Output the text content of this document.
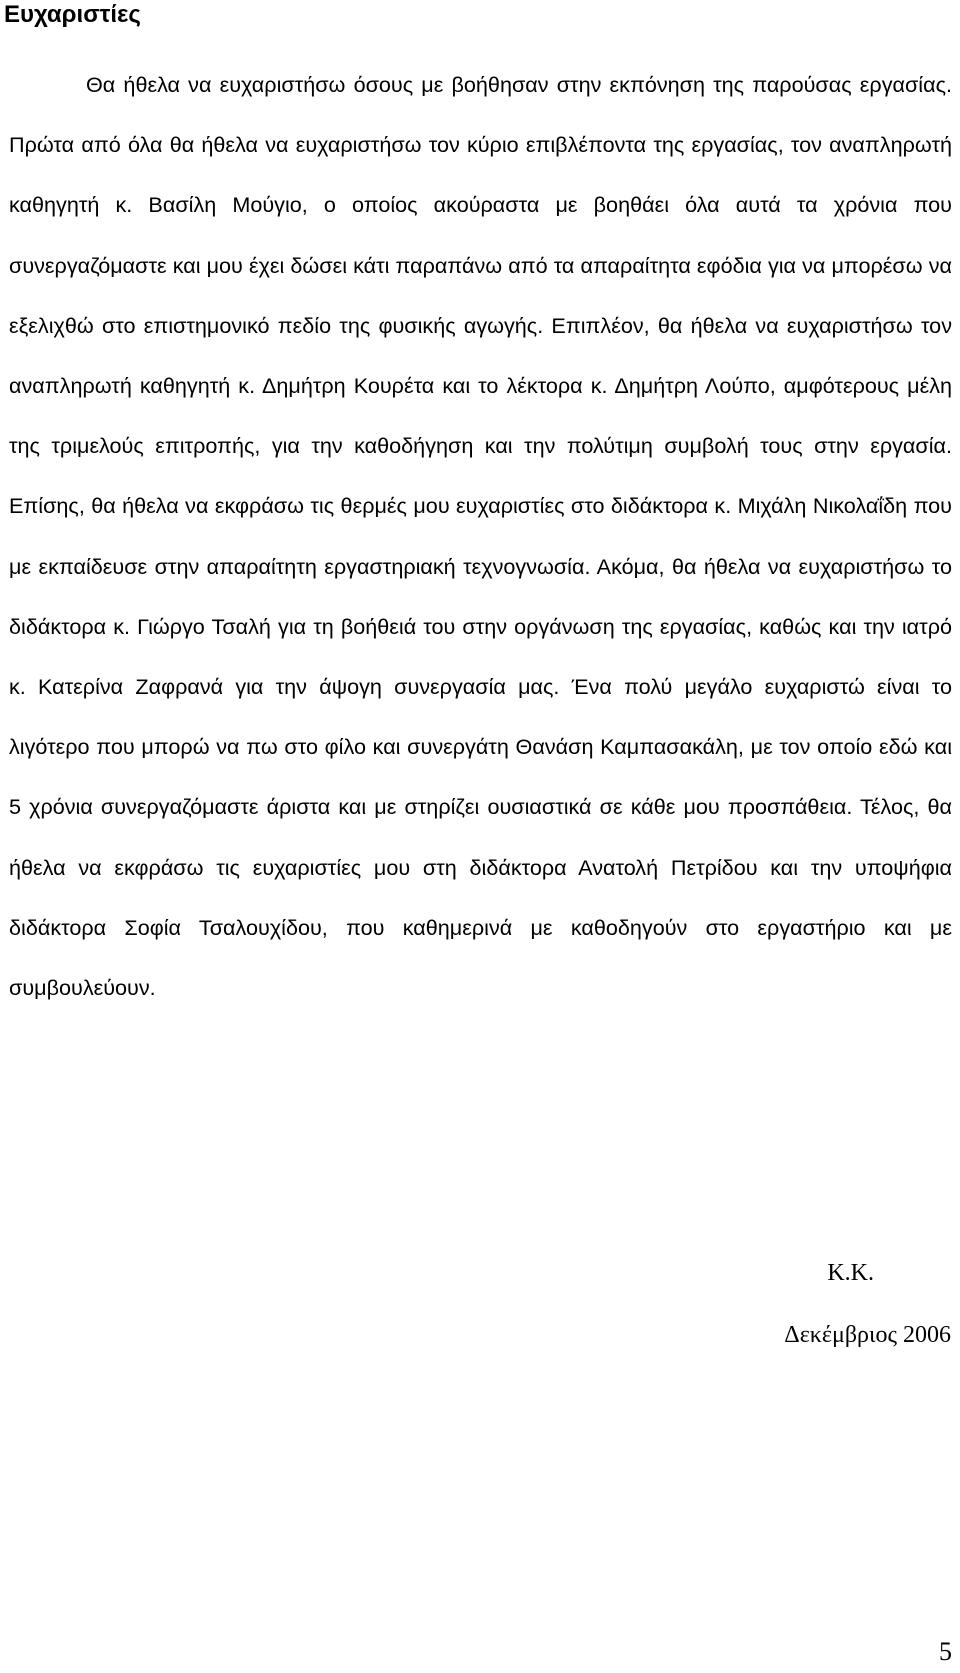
Ευχαριστίες

Θα ήθελα να ευχαριστήσω όσους με βοήθησαν στην εκπόνηση της παρούσας εργασίας. Πρώτα από όλα θα ήθελα να ευχαριστήσω τον κύριο επιβλέποντα της εργασίας, τον αναπληρωτή καθηγητή κ. Βασίλη Μούγιο, ο οποίος ακούραστα με βοηθάει όλα αυτά τα χρόνια που συνεργαζόμαστε και μου έχει δώσει κάτι παραπάνω από τα απαραίτητα εφόδια για να μπορέσω να εξελιχθώ στο επιστημονικό πεδίο της φυσικής αγωγής. Επιπλέον, θα ήθελα να ευχαριστήσω τον αναπληρωτή καθηγητή κ. Δημήτρη Κουρέτα και το λέκτορα κ. Δημήτρη Λούπο, αμφότερους μέλη της τριμελούς επιτροπής, για την καθοδήγηση και την πολύτιμη συμβολή τους στην εργασία. Επίσης, θα ήθελα να εκφράσω τις θερμές μου ευχαριστίες στο διδάκτορα κ. Μιχάλη Νικολαΐδη που με εκπαίδευσε στην απαραίτητη εργαστηριακή τεχνογνωσία. Ακόμα, θα ήθελα να ευχαριστήσω το διδάκτορα κ. Γιώργο Τσαλή για τη βοήθειά του στην οργάνωση της εργασίας, καθώς και την ιατρό κ. Κατερίνα Ζαφρανά για την άψογη συνεργασία μας. Ένα πολύ μεγάλο ευχαριστώ είναι το λιγότερο που μπορώ να πω στο φίλο και συνεργάτη Θανάση Καμπασακάλη, με τον οποίο εδώ και 5 χρόνια συνεργαζόμαστε άριστα και με στηρίζει ουσιαστικά σε κάθε μου προσπάθεια. Τέλος, θα ήθελα να εκφράσω τις ευχαριστίες μου στη διδάκτορα Ανατολή Πετρίδου και την υποψήφια διδάκτορα Σοφία Τσαλουχίδου, που καθημερινά με καθοδηγούν στο εργαστήριο και με συμβουλεύουν.

Κ.Κ.
Δεκέμβριος 2006
5
